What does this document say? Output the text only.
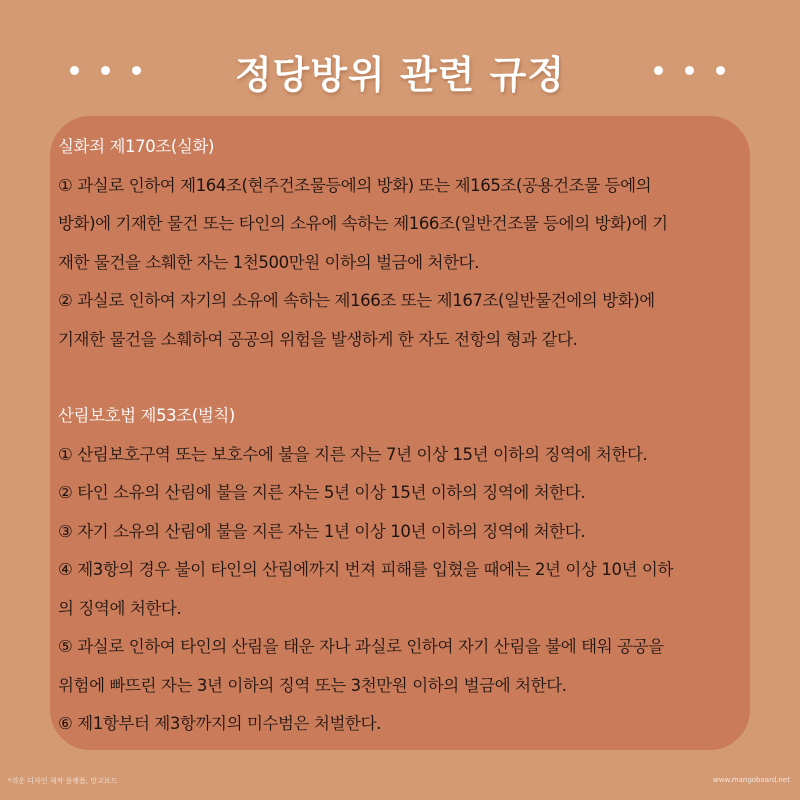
정당방위 관련 규정

실화죄 제170조(실화)

① 과실로 인하여 제164조(현주건조물등에의 방화) 또는 제165조(공용건조물 등에의

방화)에 기재한 물건 또는 타인의 소유에 속하는 제166조(일반건조물 등에의 방화)에 기

재한 물건을 소훼한 자는 1천500만원 이하의 벌금에 처한다.

② 과실로 인하여 자기의 소유에 속하는 제166조 또는 제167조(일반물건에의 방화)에

기재한 물건을 소훼하여 공공의 위험을 발생하게 한 자도 전항의 형과 같다.

산림보호법 제53조(벌칙)

① 산림보호구역 또는 보호수에 불을 지른 자는 7년 이상 15년 이하의 징역에 처한다.

② 타인 소유의 산림에 불을 지른 자는 5년 이상 15년 이하의 징역에 처한다.

③ 자기 소유의 산림에 불을 지른 자는 1년 이상 10년 이하의 징역에 처한다.

④ 제3항의 경우 불이 타인의 산림에까지 번져 피해를 입혔을 때에는 2년 이상 10년 이하

의 징역에 처한다.

⑤ 과실로 인하여 타인의 산림을 태운 자나 과실로 인하여 자기 산림을 불에 태워 공공을

위험에 빠뜨린 자는 3년 이하의 징역 또는 3천만원 이하의 벌금에 처한다.

⑥ 제1항부터 제3항까지의 미수범은 처벌한다.

*쉬운 디자인 제작 플랫폼, 망고보드	www.mangoboard.net
